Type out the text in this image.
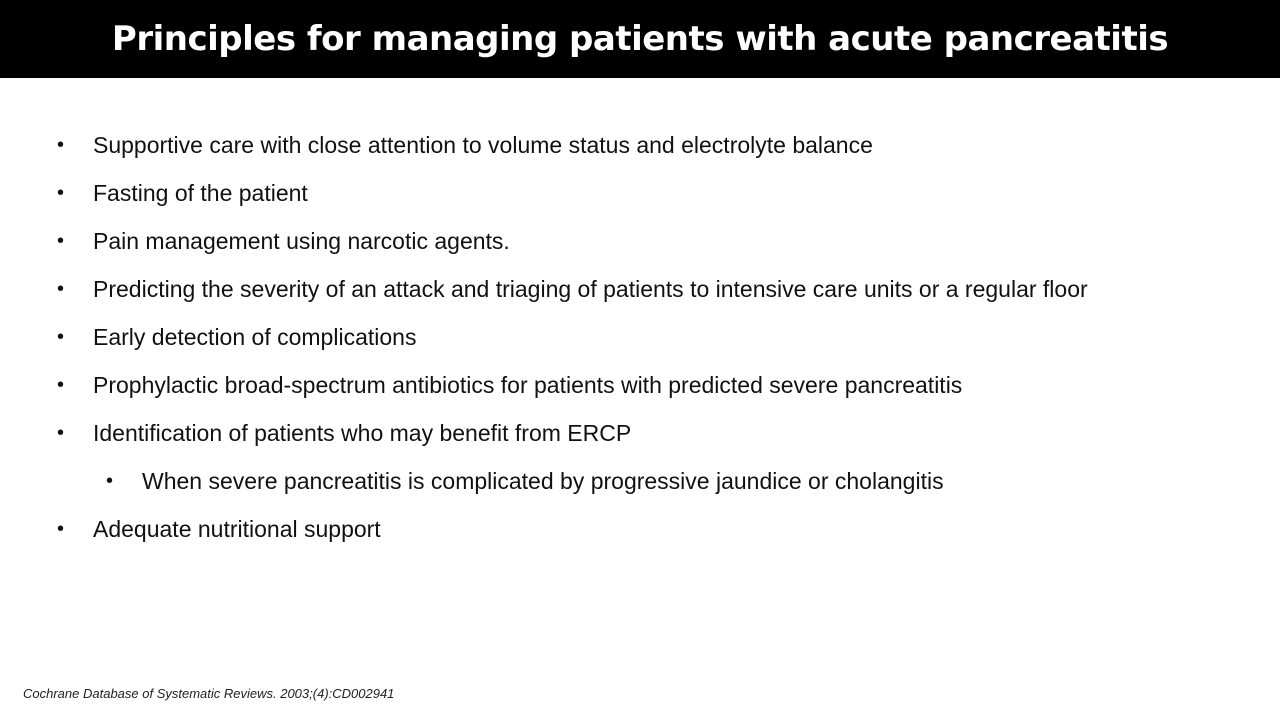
Principles for managing patients with acute pancreatitis
• Supportive care with close attention to volume status and electrolyte balance
• Fasting of the patient
• Pain management using narcotic agents.
• Predicting the severity of an attack and triaging of patients to intensive care units or a regular floor
• Early detection of complications
• Prophylactic broad-spectrum antibiotics for patients with predicted severe pancreatitis
• Identification of patients who may benefit from ERCP
• When severe pancreatitis is complicated by progressive jaundice or cholangitis
• Adequate nutritional support
Cochrane Database of Systematic Reviews. 2003;(4):CD002941
